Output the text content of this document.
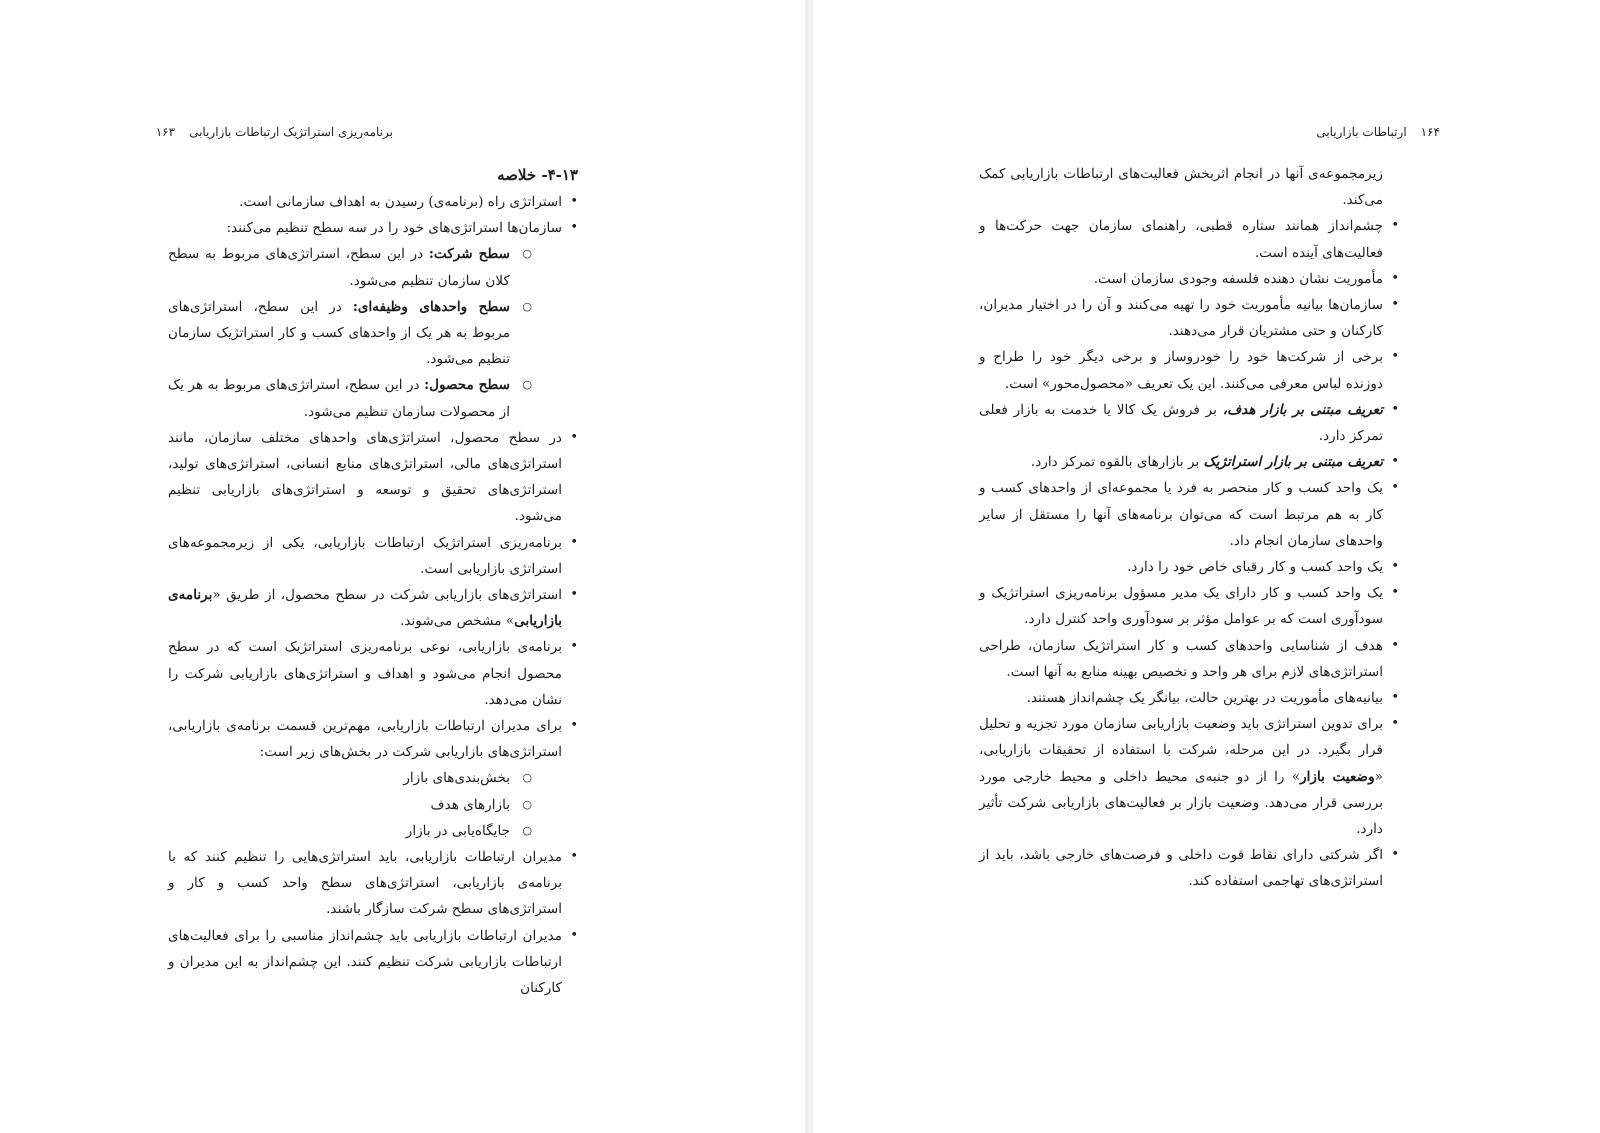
برنامه‌ریزی استراتژیک ارتباطات بازاریابی
۱۶۳
۴-۱۳- خلاصه
• استراتژی راه (برنامه‌ی) رسیدن به اهداف سازمانی است.
• سازمان‌ها استراتژی‌های خود را در سه سطح تنظیم می‌کنند:
○ سطح شرکت: در این سطح، استراتژی‌های مربوط به سطح کلان سازمان تنظیم می‌شود.
○ سطح واحدهای وظیفه‌ای: در این سطح، استراتژی‌های مربوط به هر یک از واحدهای کسب و کار استراتژیک سازمان تنظیم می‌شود.
○ سطح محصول: در این سطح، استراتژی‌های مربوط به هر یک از محصولات سازمان تنظیم می‌شود.
• در سطح محصول، استراتژی‌های واحدهای مختلف سازمان، مانند استراتژی‌های مالی، استراتژی‌های منابع انسانی، استراتژی‌های تولید، استراتژی‌های تحقیق و توسعه و استراتژی‌های بازاریابی تنظیم می‌شود.
• برنامه‌ریزی استراتژیک ارتباطات بازاریابی، یکی از زیرمجموعه‌های استراتژی بازاریابی است.
• استراتژی‌های بازاریابی شرکت در سطح محصول، از طریق «برنامه‌ی بازاریابی» مشخص می‌شوند.
• برنامه‌ی بازاریابی، نوعی برنامه‌ریزی استراتژیک است که در سطح محصول انجام می‌شود و اهداف و استراتژی‌های بازاریابی شرکت را نشان می‌دهد.
• برای مدیران ارتباطات بازاریابی، مهم‌ترین قسمت برنامه‌ی بازاریابی، استراتژی‌های بازاریابی شرکت در بخش‌های زیر است:
○ بخش‌بندی‌های بازار
○ بازارهای هدف
○ جایگاه‌یابی در بازار
• مدیران ارتباطات بازاریابی، باید استراتژی‌هایی را تنظیم کنند که با برنامه‌ی بازاریابی، استراتژی‌های سطح واحد کسب و کار و استراتژی‌های سطح شرکت سازگار باشند.
• مدیران ارتباطات بازاریابی باید چشم‌انداز مناسبی را برای فعالیت‌های ارتباطات بازاریابی شرکت تنظیم کنند. این چشم‌انداز به این مدیران و کارکنان
۱۶۴
ارتباطات بازاریابی
زیرمجموعه‌ی آنها در انجام اثربخش فعالیت‌های ارتباطات بازاریابی کمک می‌کند.
• چشم‌انداز همانند ستاره قطبی، راهنمای سازمان جهت حرکت‌ها و فعالیت‌های آینده است.
• مأموریت نشان دهنده فلسفه وجودی سازمان است.
• سازمان‌ها بیانیه مأموریت خود را تهیه می‌کنند و آن را در اختیار مدیران، کارکنان و حتی مشتریان قرار می‌دهند.
• برخی از شرکت‌ها خود را خودروساز و برخی دیگر خود را طراح و دوزنده لباس معرفی می‌کنند. این یک تعریف «محصول‌محور» است.
• تعریف مبتنی بر بازار هدف، بر فروش یک کالا یا خدمت به بازار فعلی تمرکز دارد.
• تعریف مبتنی بر بازار استراتژیک بر بازارهای بالقوه تمرکز دارد.
• یک واحد کسب و کار منحصر به فرد یا مجموعه‌ای از واحدهای کسب و کار به هم مرتبط است که می‌توان برنامه‌های آنها را مستقل از سایر واحدهای سازمان انجام داد.
• یک واحد کسب و کار رقبای خاص خود را دارد.
• یک واحد کسب و کار دارای یک مدیر مسؤول برنامه‌ریزی استراتژیک و سودآوری است که بر عوامل مؤثر بر سودآوری واحد کنترل دارد.
• هدف از شناسایی واحدهای کسب و کار استراتژیک سازمان، طراحی استراتژی‌های لازم برای هر واحد و تخصیص بهینه منابع به آنها است.
• بیانیه‌های مأموریت در بهترین حالت، بیانگر یک چشم‌انداز هستند.
• برای تدوین استراتژی باید وضعیت بازاریابی سازمان مورد تجزیه و تحلیل قرار بگیرد. در این مرحله، شرکت با استفاده از تحقیقات بازاریابی، «وضعیت بازار» را از دو جنبه‌ی محیط داخلی و محیط خارجی مورد بررسی قرار می‌دهد. وضعیت بازار بر فعالیت‌های بازاریابی شرکت تأثیر دارد.
• اگر شرکتی دارای نقاط قوت داخلی و فرصت‌های خارجی باشد، باید از استراتژی‌های تهاجمی استفاده کند.
